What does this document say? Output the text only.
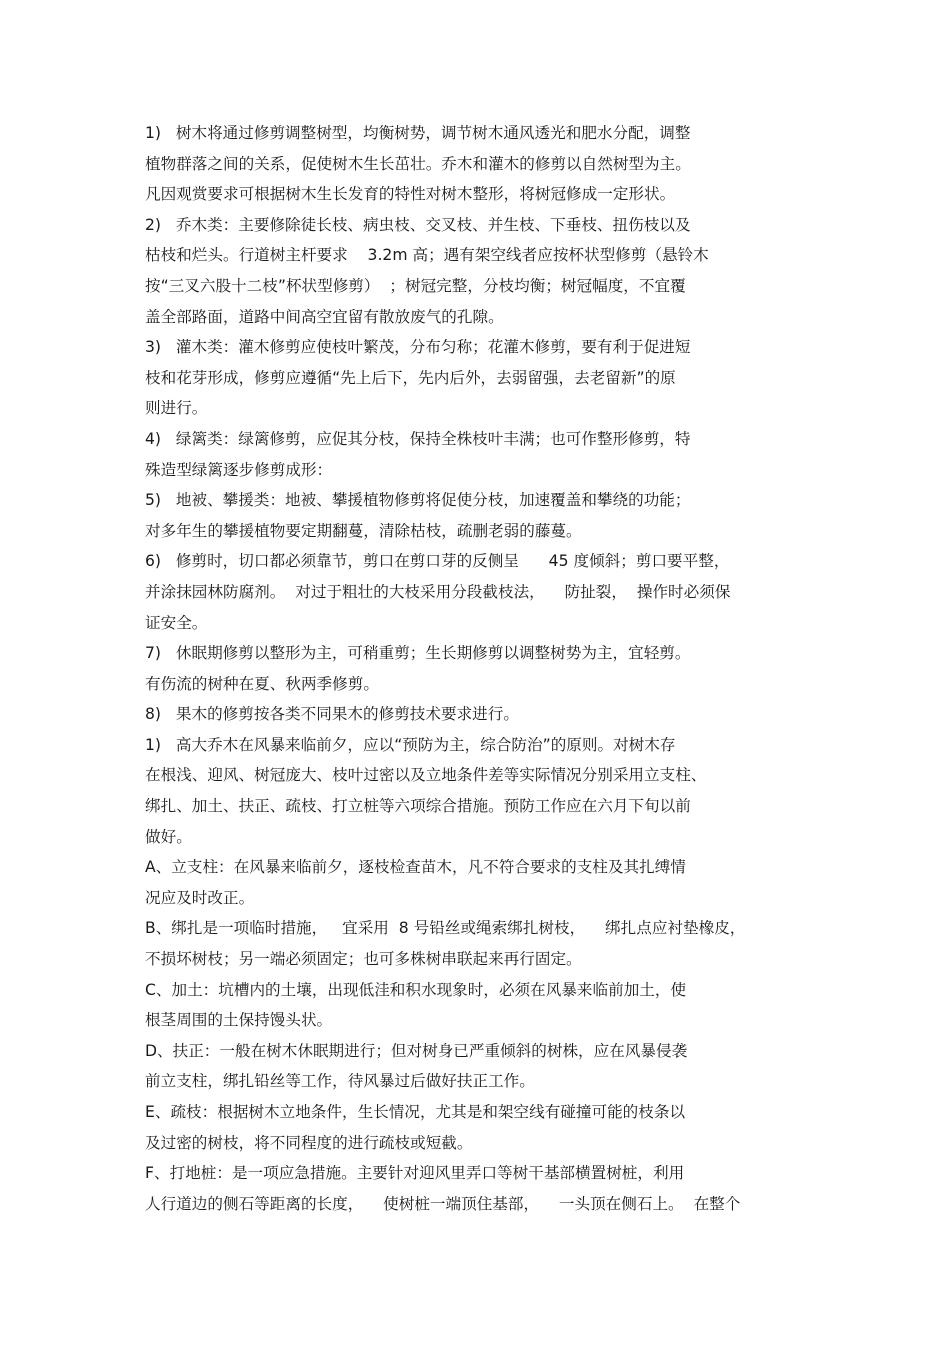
1)   树木将通过修剪调整树型，均衡树势，调节树木通风透光和肥水分配，调整
植物群落之间的关系，促使树木生长茁壮。乔木和灌木的修剪以自然树型为主。
凡因观赏要求可根据树木生长发育的特性对树木整形，将树冠修成一定形状。
2)   乔木类：主要修除徒长枝、病虫枝、交叉枝、并生枝、下垂枝、扭伤枝以及
枯枝和烂头。行道树主杆要求    3.2m 高；遇有架空线者应按杯状型修剪（悬铃木
按“三叉六股十二枝”杯状型修剪）  ；树冠完整，分枝均衡；树冠幅度，不宜覆
盖全部路面，道路中间高空宜留有散放废气的孔隙。
3)   灌木类：灌木修剪应使枝叶繁茂，分布匀称；花灌木修剪，要有利于促进短
枝和花芽形成，修剪应遵循“先上后下，先内后外，去弱留强，去老留新”的原
则进行。
4)   绿篱类：绿篱修剪，应促其分枝，保持全株枝叶丰满；也可作整形修剪，特
殊造型绿篱逐步修剪成形：
5)   地被、攀援类：地被、攀援植物修剪将促使分枝，加速覆盖和攀绕的功能；
对多年生的攀援植物要定期翻蔓，清除枯枝，疏删老弱的藤蔓。
6)   修剪时，切口都必须靠节，剪口在剪口芽的反侧呈      45 度倾斜；剪口要平整，
并涂抹园林防腐剂。  对过于粗壮的大枝采用分段截枝法，    防扯裂，  操作时必须保
证安全。
7)   休眠期修剪以整形为主，可稍重剪；生长期修剪以调整树势为主，宜轻剪。
有伤流的树种在夏、秋两季修剪。
8)   果木的修剪按各类不同果木的修剪技术要求进行。
1)   高大乔木在风暴来临前夕，应以“预防为主，综合防治”的原则。对树木存
在根浅、迎风、树冠庞大、枝叶过密以及立地条件差等实际情况分别采用立支柱、
绑扎、加土、扶正、疏枝、打立桩等六项综合措施。预防工作应在六月下旬以前
做好。
A、立支柱：在风暴来临前夕，逐枝检查苗木，凡不符合要求的支柱及其扎缚情
况应及时改正。
B、绑扎是一项临时措施，   宜采用  8 号铅丝或绳索绑扎树枝，    绑扎点应衬垫橡皮，
不损坏树枝；另一端必须固定；也可多株树串联起来再行固定。
C、加土：坑槽内的土壤，出现低洼和积水现象时，必须在风暴来临前加土，使
根茎周围的土保持馒头状。
D、扶正：一般在树木休眠期进行；但对树身已严重倾斜的树株，应在风暴侵袭
前立支柱，绑扎铅丝等工作，待风暴过后做好扶正工作。
E、疏枝：根据树木立地条件，生长情况，尤其是和架空线有碰撞可能的枝条以
及过密的树枝，将不同程度的进行疏枝或短截。
F、打地桩：是一项应急措施。主要针对迎风里弄口等树干基部横置树桩，利用
人行道边的侧石等距离的长度，    使树桩一端顶住基部，    一头顶在侧石上。  在整个
